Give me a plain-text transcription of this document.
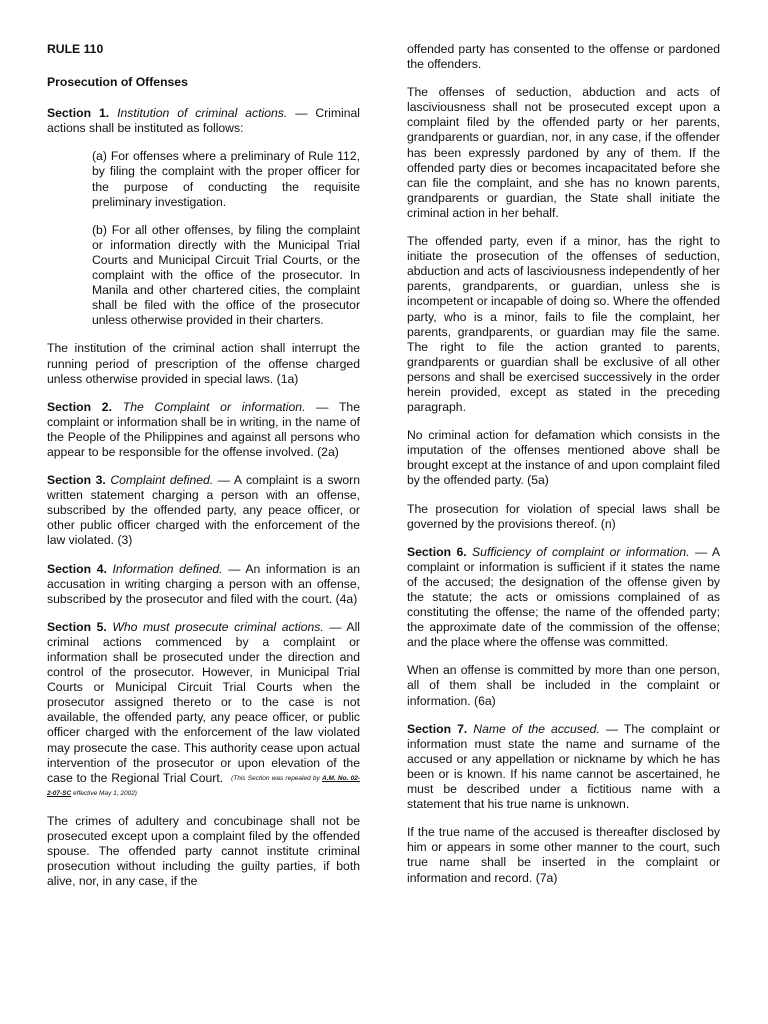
RULE 110

Prosecution of Offenses

Section 1. Institution of criminal actions. — Criminal actions shall be instituted as follows:

(a) For offenses where a preliminary of Rule 112, by filing the complaint with the proper officer for the purpose of conducting the requisite preliminary investigation.

(b) For all other offenses, by filing the complaint or information directly with the Municipal Trial Courts and Municipal Circuit Trial Courts, or the complaint with the office of the prosecutor. In Manila and other chartered cities, the complaint shall be filed with the office of the prosecutor unless otherwise provided in their charters.

The institution of the criminal action shall interrupt the running period of prescription of the offense charged unless otherwise provided in special laws. (1a)

Section 2. The Complaint or information. — The complaint or information shall be in writing, in the name of the People of the Philippines and against all persons who appear to be responsible for the offense involved. (2a)

Section 3. Complaint defined. — A complaint is a sworn written statement charging a person with an offense, subscribed by the offended party, any peace officer, or other public officer charged with the enforcement of the law violated. (3)

Section 4. Information defined. — An information is an accusation in writing charging a person with an offense, subscribed by the prosecutor and filed with the court. (4a)

Section 5. Who must prosecute criminal actions. — All criminal actions commenced by a complaint or information shall be prosecuted under the direction and control of the prosecutor. However, in Municipal Trial Courts or Municipal Circuit Trial Courts when the prosecutor assigned thereto or to the case is not available, the offended party, any peace officer, or public officer charged with the enforcement of the law violated may prosecute the case. This authority cease upon actual intervention of the prosecutor or upon elevation of the case to the Regional Trial Court. (This Section was repealed by A.M. No. 02-2-07-SC effective May 1, 2002)

The crimes of adultery and concubinage shall not be prosecuted except upon a complaint filed by the offended spouse. The offended party cannot institute criminal prosecution without including the guilty parties, if both alive, nor, in any case, if the

offended party has consented to the offense or pardoned the offenders.

The offenses of seduction, abduction and acts of lasciviousness shall not be prosecuted except upon a complaint filed by the offended party or her parents, grandparents or guardian, nor, in any case, if the offender has been expressly pardoned by any of them. If the offended party dies or becomes incapacitated before she can file the complaint, and she has no known parents, grandparents or guardian, the State shall initiate the criminal action in her behalf.

The offended party, even if a minor, has the right to initiate the prosecution of the offenses of seduction, abduction and acts of lasciviousness independently of her parents, grandparents, or guardian, unless she is incompetent or incapable of doing so. Where the offended party, who is a minor, fails to file the complaint, her parents, grandparents, or guardian may file the same. The right to file the action granted to parents, grandparents or guardian shall be exclusive of all other persons and shall be exercised successively in the order herein provided, except as stated in the preceding paragraph.

No criminal action for defamation which consists in the imputation of the offenses mentioned above shall be brought except at the instance of and upon complaint filed by the offended party. (5a)

The prosecution for violation of special laws shall be governed by the provisions thereof. (n)

Section 6. Sufficiency of complaint or information. — A complaint or information is sufficient if it states the name of the accused; the designation of the offense given by the statute; the acts or omissions complained of as constituting the offense; the name of the offended party; the approximate date of the commission of the offense; and the place where the offense was committed.

When an offense is committed by more than one person, all of them shall be included in the complaint or information. (6a)

Section 7. Name of the accused. — The complaint or information must state the name and surname of the accused or any appellation or nickname by which he has been or is known. If his name cannot be ascertained, he must be described under a fictitious name with a statement that his true name is unknown.

If the true name of the accused is thereafter disclosed by him or appears in some other manner to the court, such true name shall be inserted in the complaint or information and record. (7a)
